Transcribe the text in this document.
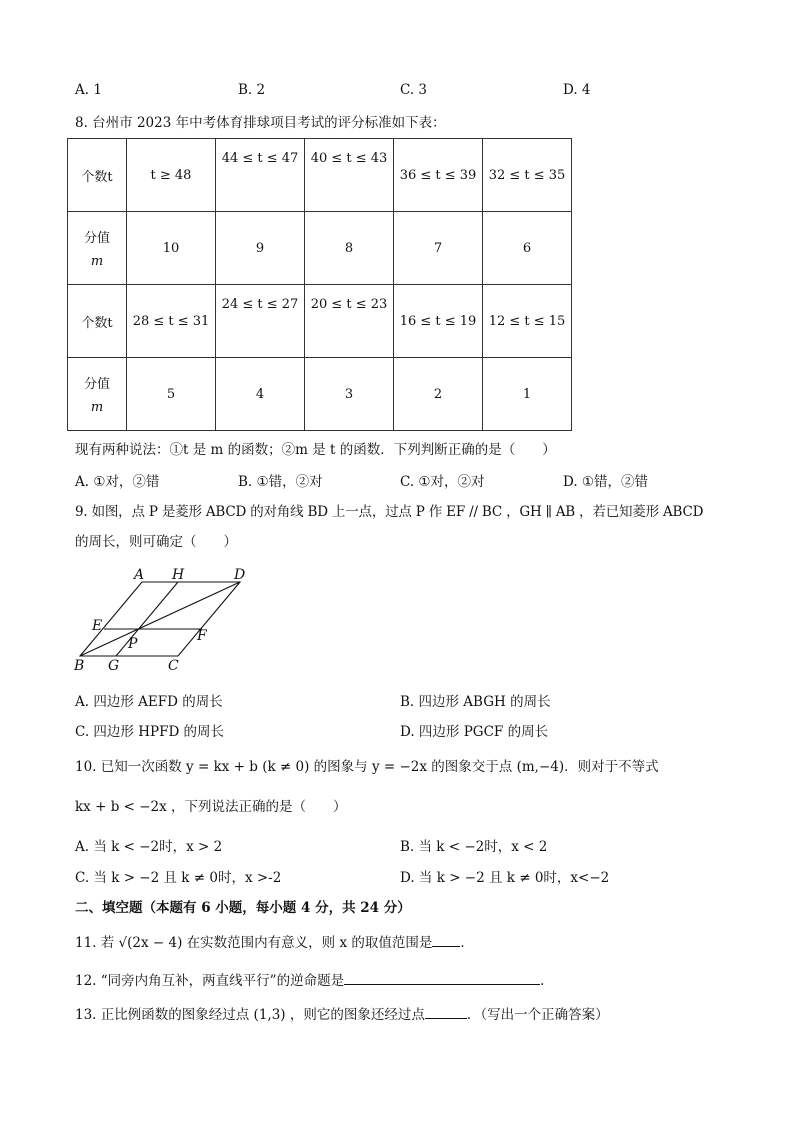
A. 1	B. 2	C. 3	D. 4
8. 台州市 2023 年中考体育排球项目考试的评分标准如下表：
个数t	t ≥ 48	44 ≤ t ≤ 47	40 ≤ t ≤ 43	36 ≤ t ≤ 39	32 ≤ t ≤ 35

分值
m	10	9	8	7	6
个数t	28 ≤ t ≤ 31	24 ≤ t ≤ 27	20 ≤ t ≤ 23	16 ≤ t ≤ 19	12 ≤ t ≤ 15

分值
m	5	4	3	2	1
现有两种说法：①t 是 m 的函数；②m 是 t 的函数．下列判断正确的是（　　）
A. ①对，②错	B. ①错，②对	C. ①对，②对	D. ①错，②错
9. 如图，点 P 是菱形 ABCD 的对角线 BD 上一点，过点 P 作 EF // BC ，GH ∥ AB ，若已知菱形 ABCD
的周长，则可确定（　　）
A H	D
E
P	F
B G	C
A. 四边形 AEFD 的周长	B. 四边形 ABGH 的周长
C. 四边形 HPFD 的周长	D. 四边形 PGCF 的周长
10. 已知一次函数 y = kx + b (k ≠ 0) 的图象与 y = −2x 的图象交于点 (m,−4)．则对于不等式
kx + b < −2x ，下列说法正确的是（　　）
A. 当 k < −2时，x > 2	B. 当 k < −2时，x < 2
C. 当 k > −2 且 k ≠ 0时，x >-2	D. 当 k > −2 且 k ≠ 0时，x<−2
二、填空题（本题有 6 小题，每小题 4 分，共 24 分）
11. 若 √(2x − 4) 在实数范围内有意义，则 x 的取值范围是 ．
12. “同旁内角互补，两直线平行”的逆命题是	.
13. 正比例函数的图象经过点 (1,3) ，则它的图象还经过点	．（写出一个正确答案）
